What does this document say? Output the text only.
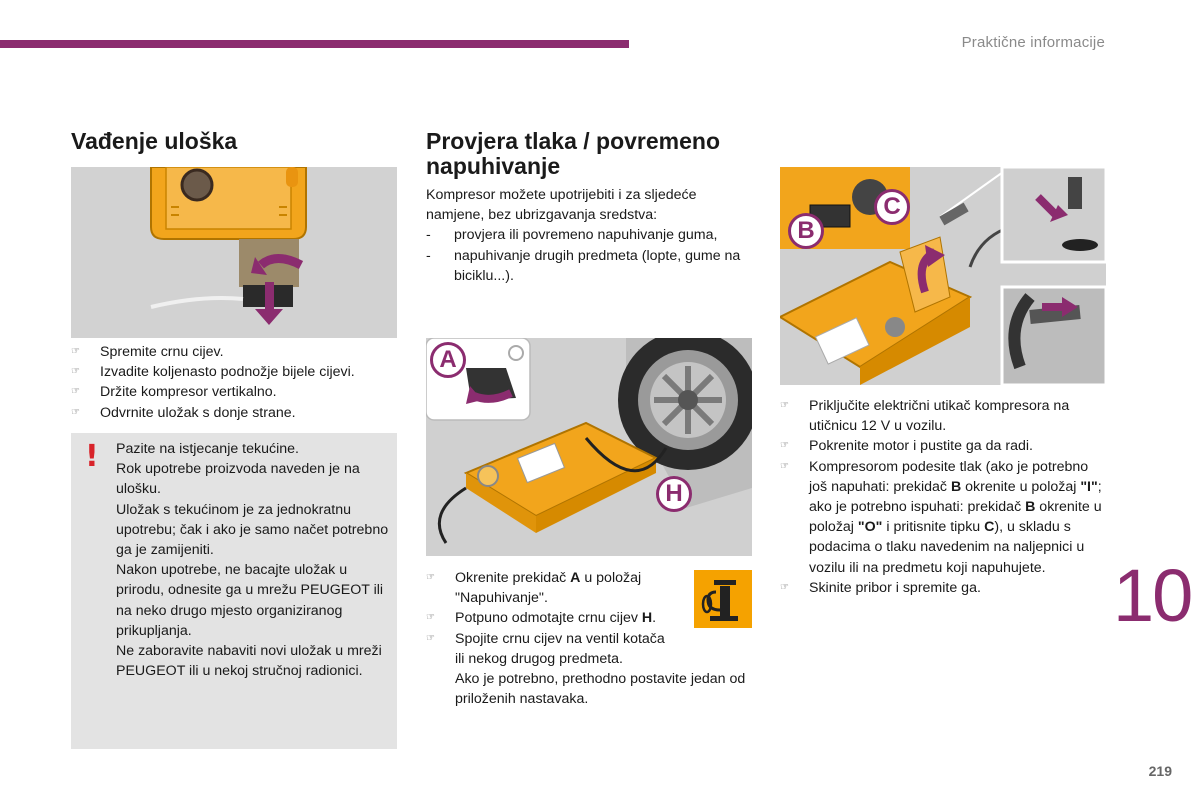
Praktične informacije
Vađenje uloška
☞ Spremite crnu cijev.
☞ Izvadite koljenasto podnožje bijele cijevi.
☞ Držite kompresor vertikalno.
☞ Odvrnite uložak s donje strane.
! Pazite na istjecanje tekućine.

Rok upotrebe proizvoda naveden je na ulošku.

Uložak s tekućinom je za jednokratnu upotrebu; čak i ako je samo načet potrebno ga je zamijeniti.

Nakon upotrebe, ne bacajte uložak u prirodu, odnesite ga u mrežu PEUGEOT ili na neko drugo mjesto organiziranog prikupljanja.

Ne zaboravite nabaviti novi uložak u mreži PEUGEOT ili u nekoj stručnoj radionici.

Provjera tlaka / povremeno
napuhivanje
Kompresor možete upotrijebiti i za sljedeće
namjene, bez ubrizgavanja sredstva:
- provjera ili povremeno napuhivanje guma,
- napuhivanje drugih predmeta (lopte, gume na biciklu...).
A
H
☞ Okrenite prekidač A u položaj "Napuhivanje".
☞ Potpuno odmotajte crnu cijev H.
☞ Spojite crnu cijev na ventil kotača ili nekog drugog predmeta.
Ako je potrebno, prethodno postavite jedan od priloženih nastavaka.
B
C
☞ Priključite električni utikač kompresora na utičnicu 12 V u vozilu.
☞ Pokrenite motor i pustite ga da radi.
☞ Kompresorom podesite tlak (ako je potrebno još napuhati: prekidač B okrenite u položaj "I"; ako je potrebno ispuhati: prekidač B okrenite u položaj "O" i pritisnite tipku C), u skladu s podacima o tlaku navedenim na naljepnici u vozilu ili na predmetu koji napuhujete.
☞ Skinite pribor i spremite ga.	10
219
